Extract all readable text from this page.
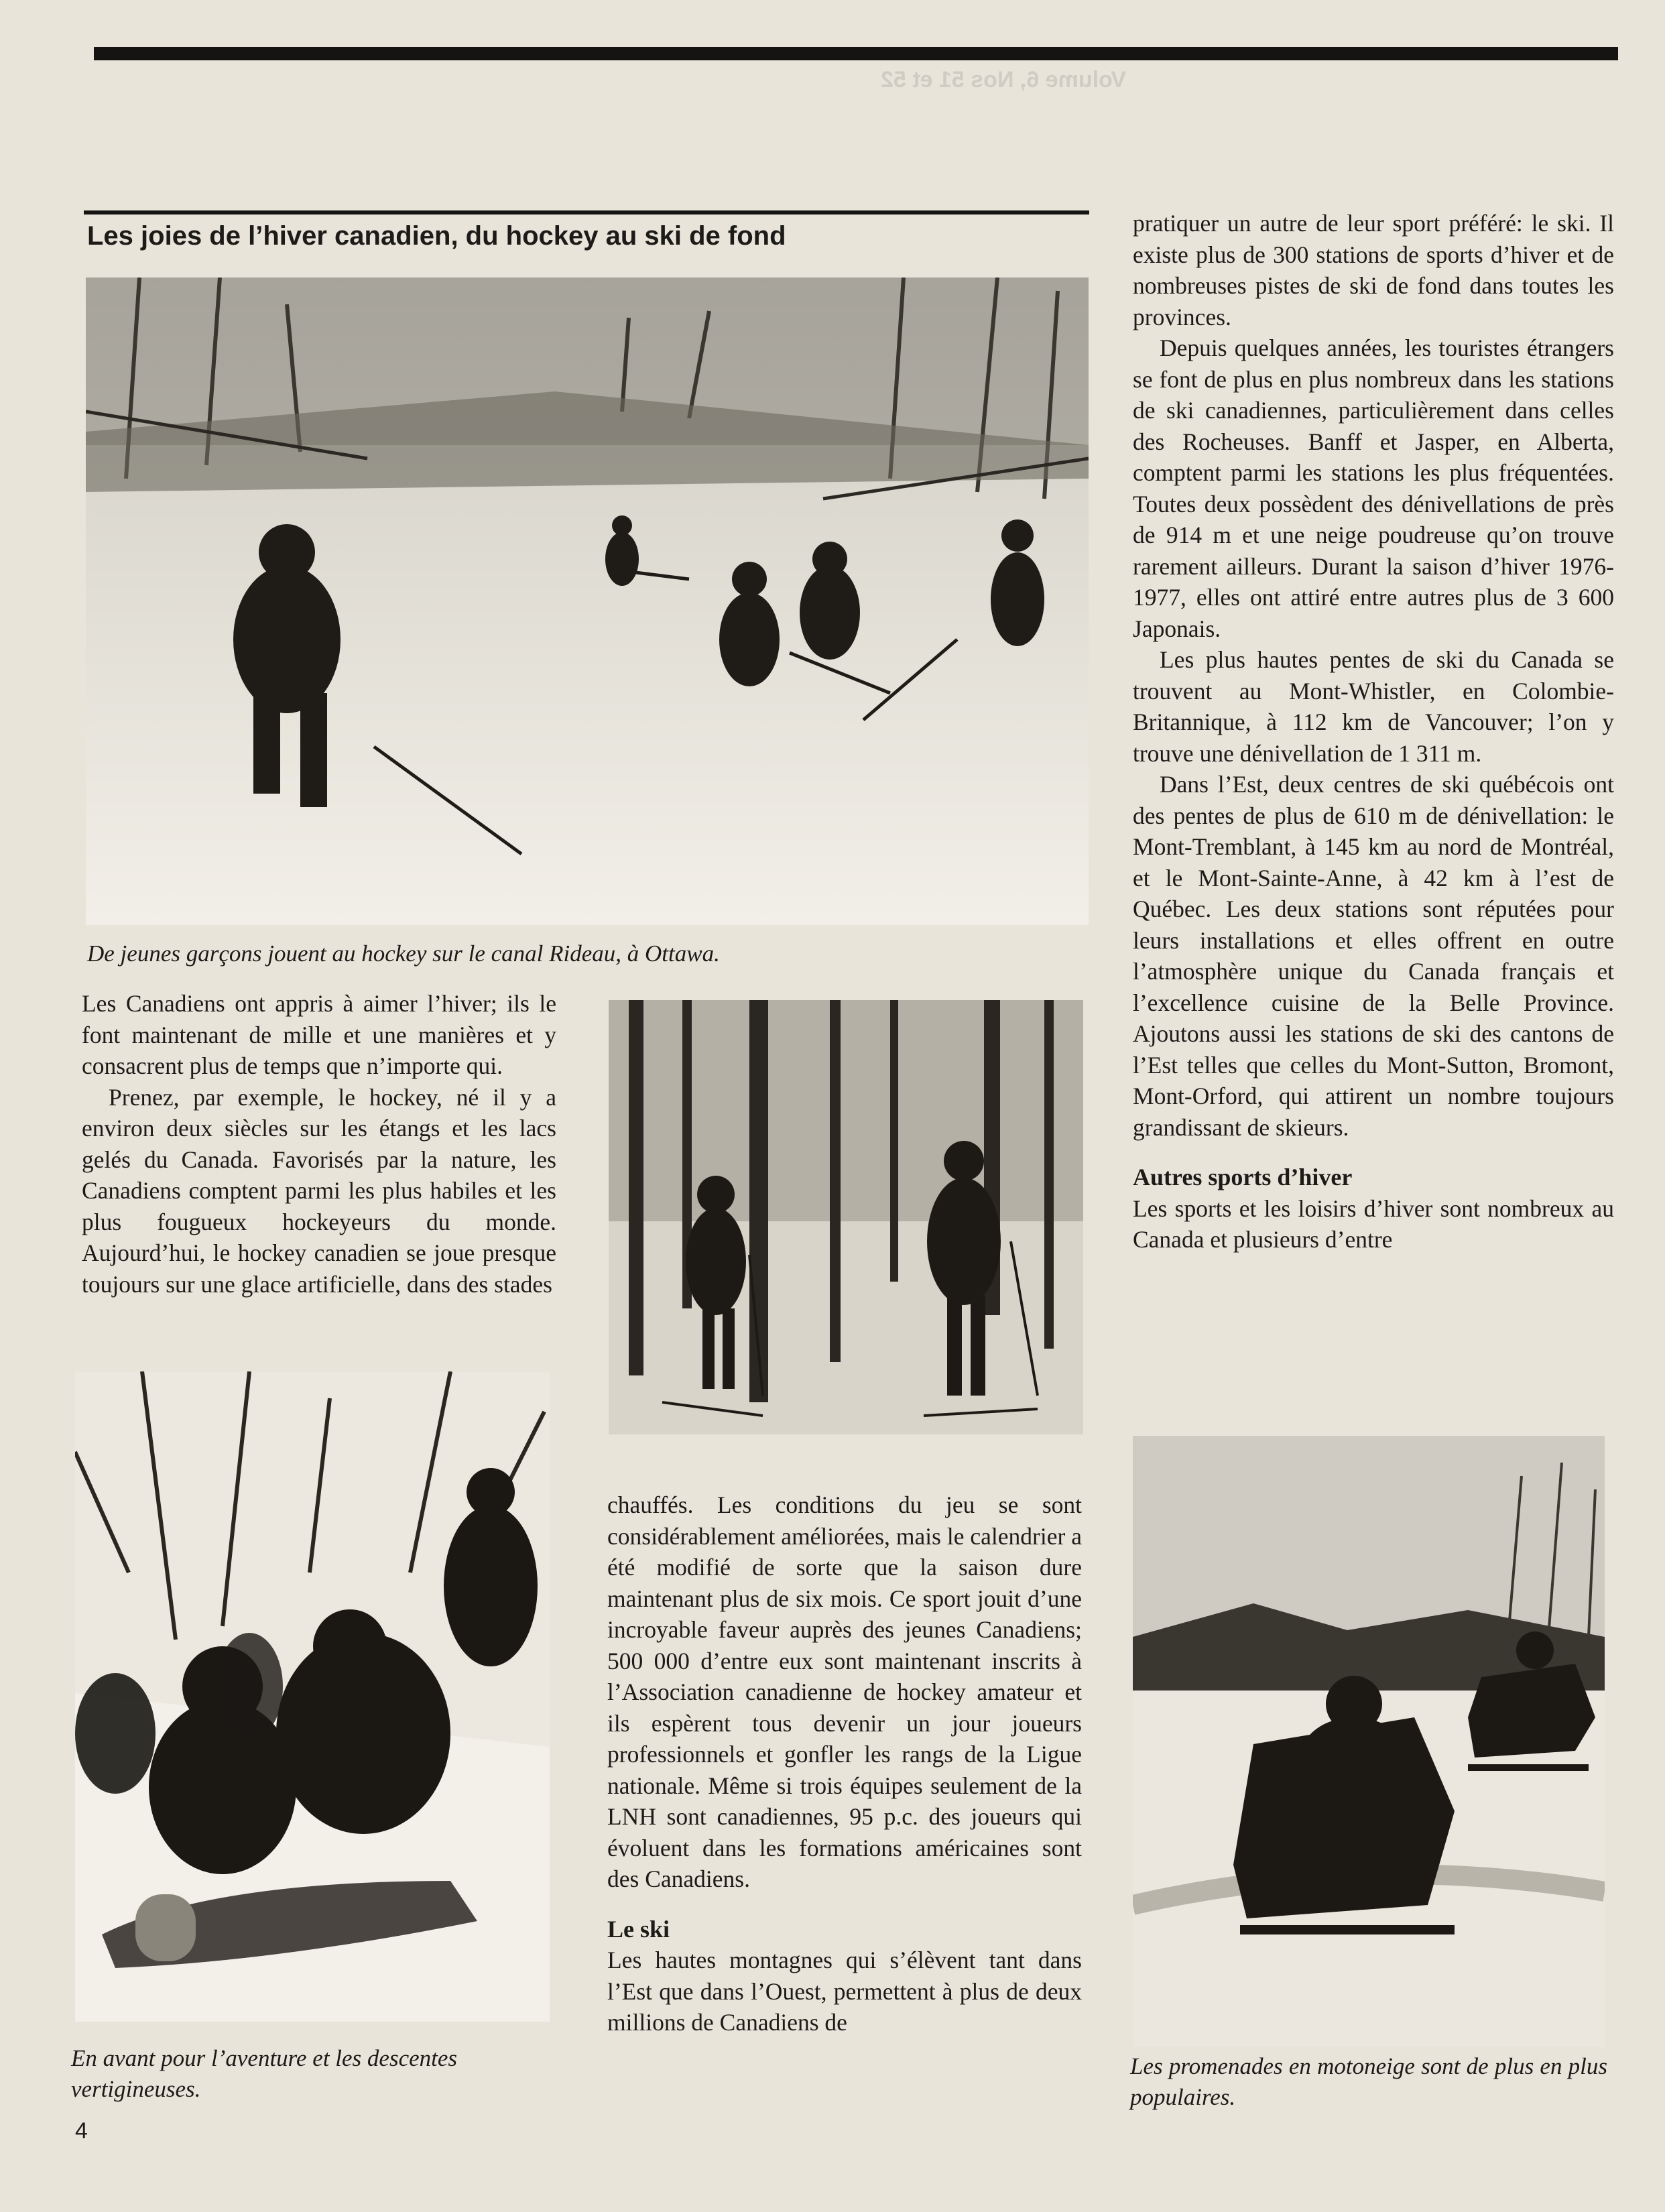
Volume 6, Nos 51 et 52
Les joies de l’hiver canadien, du hockey au ski de fond
De jeunes garçons jouent au hockey sur le canal Rideau, à Ottawa.

Les Canadiens ont appris à aimer l’hiver; ils le font maintenant de mille et une manières et y consacrent plus de temps que n’importe qui.

Prenez, par exemple, le hockey, né il y a environ deux siècles sur les étangs et les lacs gelés du Canada. Favorisés par la nature, les Canadiens comptent parmi les plus habiles et les plus fougueux hockeyeurs du monde. Aujourd’hui, le hockey canadien se joue presque toujours sur une glace artificielle, dans des stades

En avant pour l’aventure et les descentes vertigineuses.

chauffés. Les conditions du jeu se sont considérablement améliorées, mais le calendrier a été modifié de sorte que la saison dure maintenant plus de six mois. Ce sport jouit d’une incroyable faveur auprès des jeunes Canadiens; 500 000 d’entre eux sont maintenant inscrits à l’Association canadienne de hockey amateur et ils espèrent tous devenir un jour joueurs professionnels et gonfler les rangs de la Ligue nationale. Même si trois équipes seulement de la LNH sont canadiennes, 95 p.c. des joueurs qui évoluent dans les formations américaines sont des Canadiens.

Le ski

Les hautes montagnes qui s’élèvent tant dans l’Est que dans l’Ouest, permettent à plus de deux millions de Canadiens de

pratiquer un autre de leur sport préféré: le ski. Il existe plus de 300 stations de sports d’hiver et de nombreuses pistes de ski de fond dans toutes les provinces.

Depuis quelques années, les touristes étrangers se font de plus en plus nombreux dans les stations de ski canadiennes, particulièrement dans celles des Rocheuses. Banff et Jasper, en Alberta, comptent parmi les stations les plus fréquentées. Toutes deux possèdent des dénivellations de près de 914 m et une neige poudreuse qu’on trouve rarement ailleurs. Durant la saison d’hiver 1976-1977, elles ont attiré entre autres plus de 3 600 Japonais.

Les plus hautes pentes de ski du Canada se trouvent au Mont-Whistler, en Colombie-Britannique, à 112 km de Vancouver; l’on y trouve une dénivellation de 1 311 m.

Dans l’Est, deux centres de ski québécois ont des pentes de plus de 610 m de dénivellation: le Mont-Tremblant, à 145 km au nord de Montréal, et le Mont-Sainte-Anne, à 42 km à l’est de Québec. Les deux stations sont réputées pour leurs installations et elles offrent en outre l’atmosphère unique du Canada français et l’excellence cuisine de la Belle Province. Ajoutons aussi les stations de ski des cantons de l’Est telles que celles du Mont-Sutton, Bromont, Mont-Orford, qui attirent un nombre toujours grandissant de skieurs.

Autres sports d’hiver

Les sports et les loisirs d’hiver sont nombreux au Canada et plusieurs d’entre

Les promenades en motoneige sont de plus en plus populaires.
4
